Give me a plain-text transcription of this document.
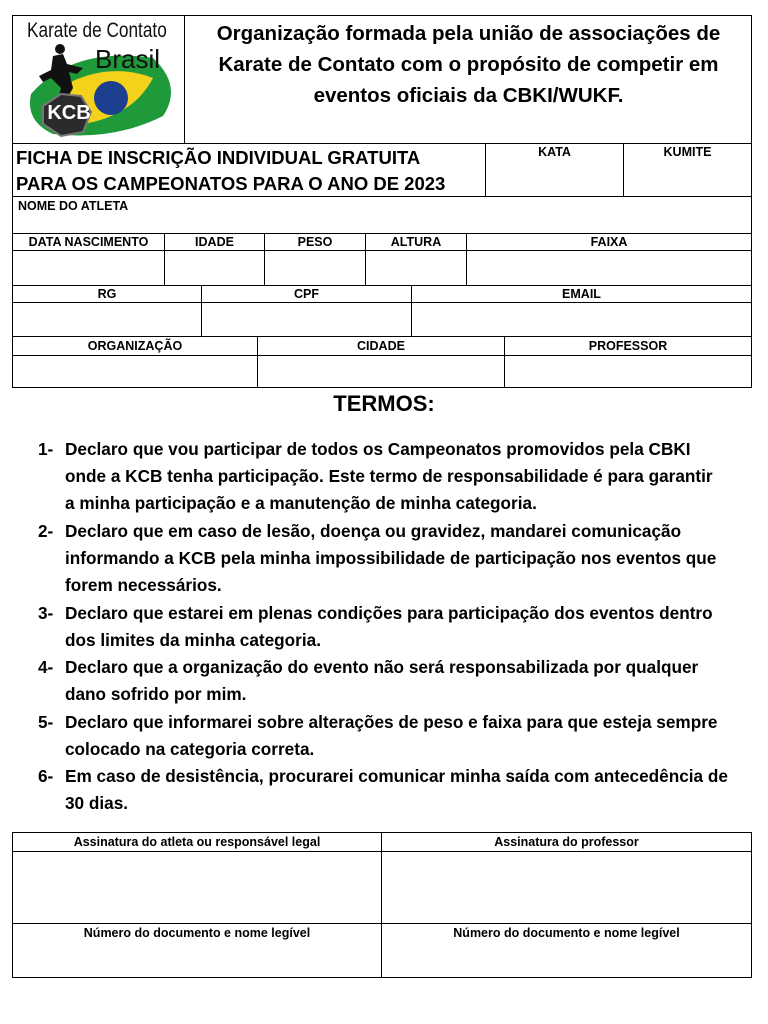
Karate de Contato
Brasil
KCB
Organização formada pela união de associações de Karate de Contato com o propósito de competir em eventos oficiais da CBKI/WUKF.
FICHA DE INSCRIÇÃO INDIVIDUAL GRATUITA
PARA OS CAMPEONATOS PARA O ANO DE 2023
KATA	KUMITE
NOME DO ATLETA
DATA NASCIMENTO	IDADE	PESO	ALTURA	FAIXA
RG	CPF	EMAIL
ORGANIZAÇÃO	CIDADE	PROFESSOR
TERMOS:
1- Declaro que vou participar de todos os Campeonatos promovidos pela CBKI
onde a KCB tenha participação. Este termo de responsabilidade é para garantir
a minha participação e a manutenção de minha categoria.
2- Declaro que em caso de lesão, doença ou gravidez, mandarei comunicação
informando a KCB pela minha impossibilidade de participação nos eventos que
forem necessários.
3- Declaro que estarei em plenas condições para participação dos eventos dentro
dos limites da minha categoria.
4- Declaro que a organização do evento não será responsabilizada por qualquer
dano sofrido por mim.
5- Declaro que informarei sobre alterações de peso e faixa para que esteja sempre
colocado na categoria correta.
6- Em caso de desistência, procurarei comunicar minha saída com antecedência de
30 dias.
Assinatura do atleta ou responsável legal	Assinatura do professor
Número do documento e nome legível	Número do documento e nome legível
